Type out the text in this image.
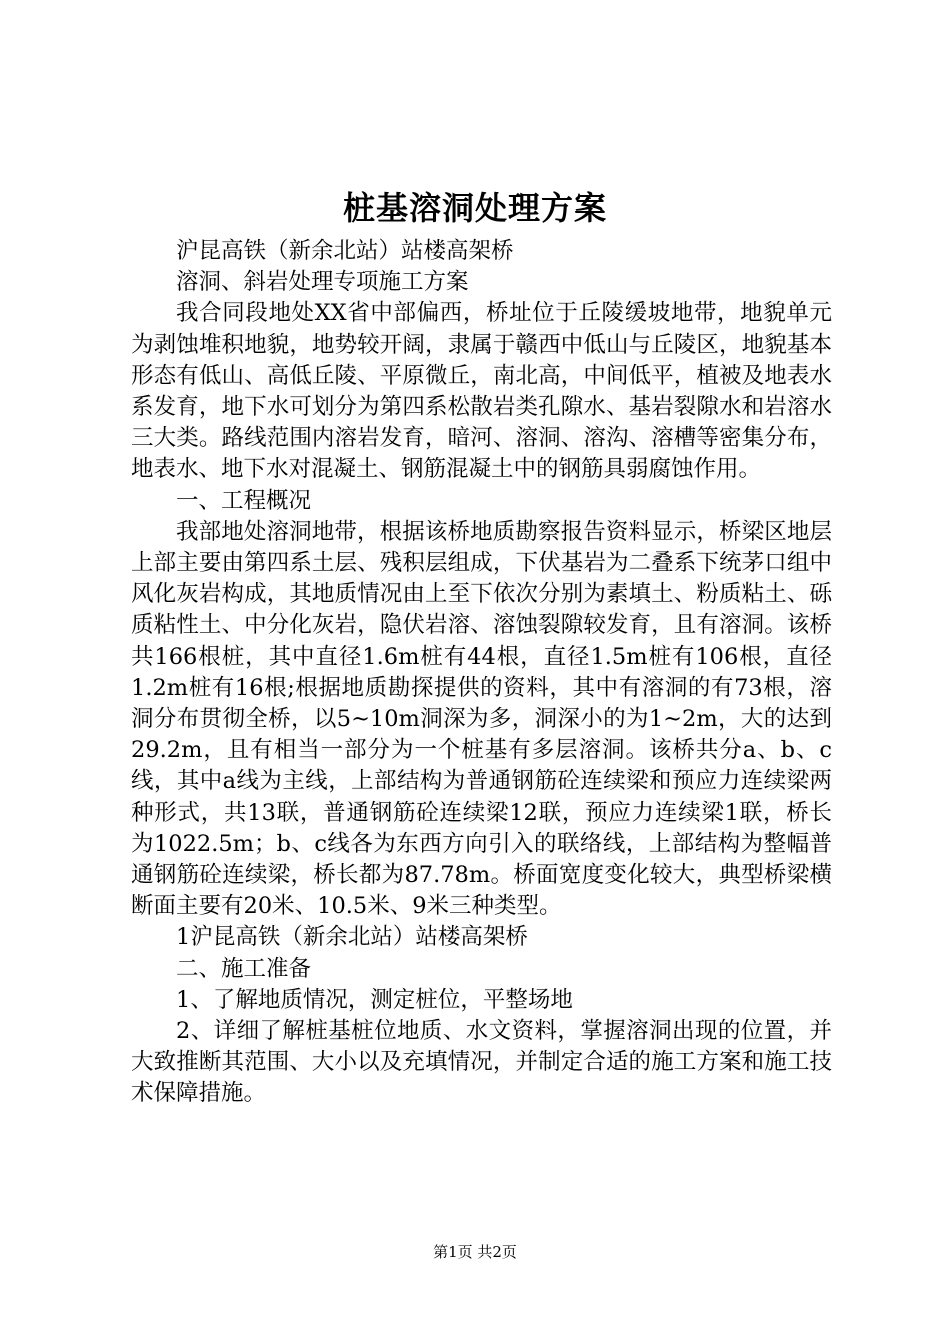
桩基溶洞处理方案

沪昆高铁（新余北站）站楼高架桥

溶洞、斜岩处理专项施工方案

我合同段地处XX省中部偏西，桥址位于丘陵缓坡地带，地貌单元为剥蚀堆积地貌，地势较开阔，隶属于赣西中低山与丘陵区，地貌基本形态有低山、高低丘陵、平原微丘，南北高，中间低平，植被及地表水系发育，地下水可划分为第四系松散岩类孔隙水、基岩裂隙水和岩溶水三大类。路线范围内溶岩发育，暗河、溶洞、溶沟、溶槽等密集分布，地表水、地下水对混凝土、钢筋混凝土中的钢筋具弱腐蚀作用。

一、工程概况

我部地处溶洞地带，根据该桥地质勘察报告资料显示，桥梁区地层上部主要由第四系土层、残积层组成，下伏基岩为二叠系下统茅口组中风化灰岩构成，其地质情况由上至下依次分别为素填土、粉质粘土、砾质粘性土、中分化灰岩，隐伏岩溶、溶蚀裂隙较发育，且有溶洞。该桥共166根桩，其中直径1.6m桩有44根，直径1.5m桩有106根，直径1.2m桩有16根;根据地质勘探提供的资料，其中有溶洞的有73根，溶洞分布贯彻全桥，以5~10m洞深为多，洞深小的为1~2m，大的达到29.2m，且有相当一部分为一个桩基有多层溶洞。该桥共分a、b、c线，其中a线为主线，上部结构为普通钢筋砼连续梁和预应力连续梁两种形式，共13联，普通钢筋砼连续梁12联，预应力连续梁1联，桥长为1022.5m；b、c线各为东西方向引入的联络线，上部结构为整幅普通钢筋砼连续梁，桥长都为87.78m。桥面宽度变化较大，典型桥梁横断面主要有20米、10.5米、9米三种类型。

1沪昆高铁（新余北站）站楼高架桥

二、施工准备

1、了解地质情况，测定桩位，平整场地

2、详细了解桩基桩位地质、水文资料，掌握溶洞出现的位置，并大致推断其范围、大小以及充填情况，并制定合适的施工方案和施工技术保障措施。

第1页 共2页
